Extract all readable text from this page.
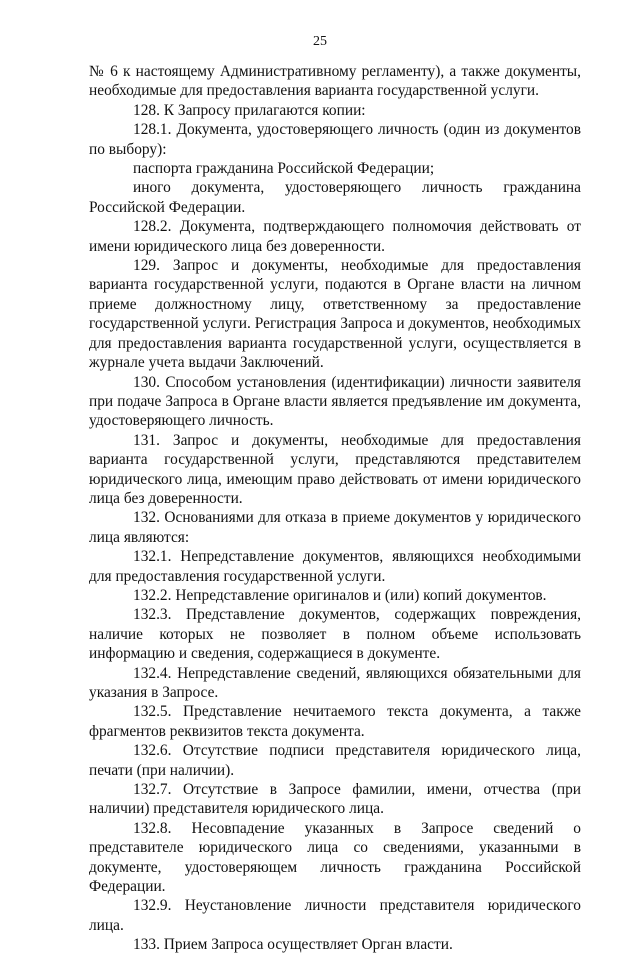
25

№ 6 к настоящему Административному регламенту), а также документы, необходимые для предоставления варианта государственной услуги.

128. К Запросу прилагаются копии:

128.1. Документа, удостоверяющего личность (один из документов по выбору):

паспорта гражданина Российской Федерации;

иного документа, удостоверяющего личность гражданина Российской Федерации.

128.2. Документа, подтверждающего полномочия действовать от имени юридического лица без доверенности.

129. Запрос и документы, необходимые для предоставления варианта государственной услуги, подаются в Органе власти на личном приеме должностному лицу, ответственному за предоставление государственной услуги. Регистрация Запроса и документов, необходимых для предоставления варианта государственной услуги, осуществляется в журнале учета выдачи Заключений.

130. Способом установления (идентификации) личности заявителя при подаче Запроса в Органе власти является предъявление им документа, удостоверяющего личность.

131. Запрос и документы, необходимые для предоставления варианта государственной услуги, представляются представителем юридического лица, имеющим право действовать от имени юридического лица без доверенности.

132. Основаниями для отказа в приеме документов у юридического лица являются:

132.1. Непредставление документов, являющихся необходимыми для предоставления государственной услуги.

132.2. Непредставление оригиналов и (или) копий документов.

132.3. Представление документов, содержащих повреждения, наличие которых не позволяет в полном объеме использовать информацию и сведения, содержащиеся в документе.

132.4. Непредставление сведений, являющихся обязательными для указания в Запросе.

132.5. Представление нечитаемого текста документа, а также фрагментов реквизитов текста документа.

132.6. Отсутствие подписи представителя юридического лица, печати (при наличии).

132.7. Отсутствие в Запросе фамилии, имени, отчества (при наличии) представителя юридического лица.

132.8. Несовпадение указанных в Запросе сведений о представителе юридического лица со сведениями, указанными в документе, удостоверяющем личность гражданина Российской Федерации.

132.9. Неустановление личности представителя юридического лица.

133. Прием Запроса осуществляет Орган власти.
